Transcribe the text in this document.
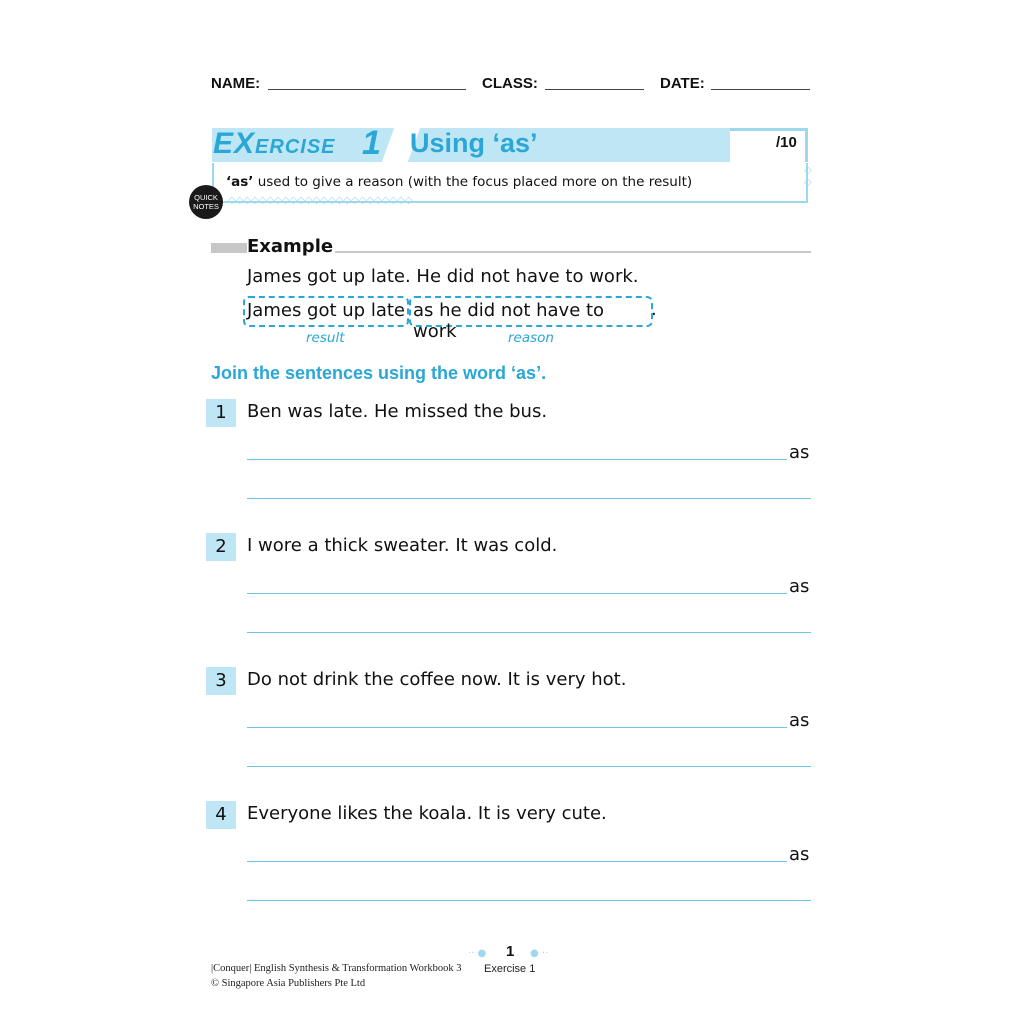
NAME:	CLASS:	DATE:
EXERCISE 1 Using ‘as’	/10
‘as’ used to give a reason (with the focus placed more on the result)
◇◇◇◇◇◇◇◇◇◇◇◇◇◇◇◇◇◇◇◇◇◇◇◇
◇
◇
QUICK
NOTES
Example
James got up late. He did not have to work.
James got up late as he did not have to work
.
result	reason
Join the sentences using the word ‘as’.
1	Ben was late. He missed the bus.
as
2	I wore a thick sweater. It was cold.
as
3	Do not drink the coffee now. It is very hot.
as
4	Everyone likes the koala. It is very cute.
as
·· ● 1 ● ··
|Conquer| English Synthesis & Transformation Workbook 3 Exercise 1
© Singapore Asia Publishers Pte Ltd
